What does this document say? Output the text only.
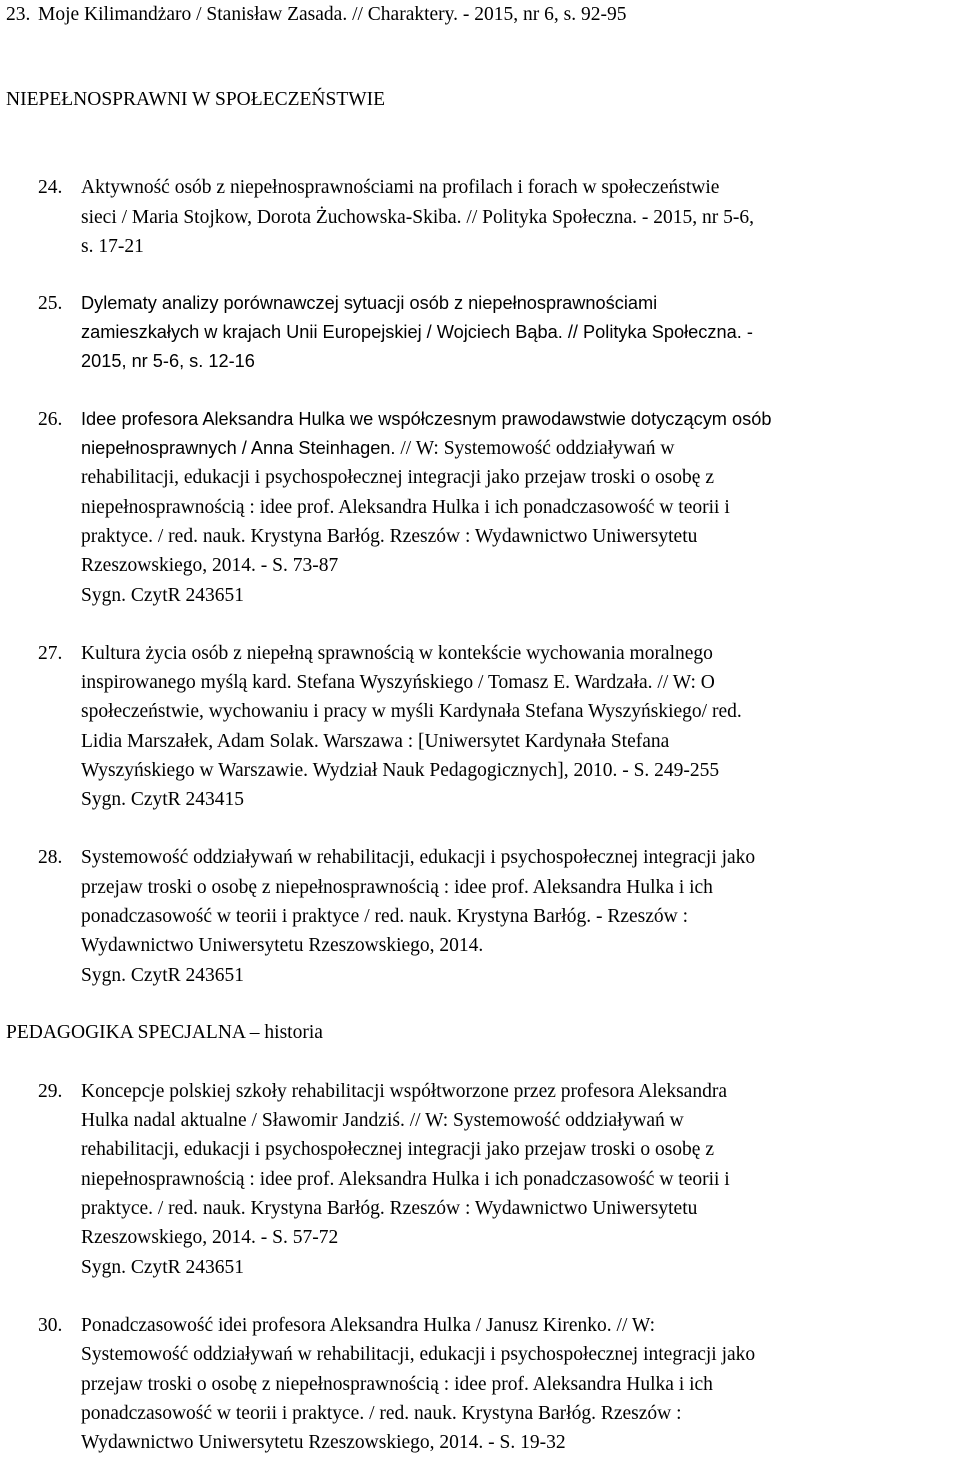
23. Moje Kilimandżaro / Stanisław Zasada. // Charaktery. - 2015, nr 6, s. 92-95
NIEPEŁNOSPRAWNI W SPOŁECZEŃSTWIE
24. Aktywność osób z niepełnosprawnościami na profilach i forach w społeczeństwie
sieci / Maria Stojkow, Dorota Żuchowska-Skiba. // Polityka Społeczna. - 2015, nr 5-6,
s. 17-21
25. Dylematy analizy porównawczej sytuacji osób z niepełnosprawnościami
zamieszkałych w krajach Unii Europejskiej / Wojciech Bąba. // Polityka Społeczna. -
2015, nr 5-6, s. 12-16
26. Idee profesora Aleksandra Hulka we współczesnym prawodawstwie dotyczącym osób
niepełnosprawnych / Anna Steinhagen. // W: Systemowość oddziaływań w
rehabilitacji, edukacji i psychospołecznej integracji jako przejaw troski o osobę z
niepełnosprawnością : idee prof. Aleksandra Hulka i ich ponadczasowość w teorii i
praktyce. / red. nauk. Krystyna Barłóg. Rzeszów : Wydawnictwo Uniwersytetu
Rzeszowskiego, 2014. - S. 73-87
Sygn. CzytR 243651
27. Kultura życia osób z niepełną sprawnością w kontekście wychowania moralnego
inspirowanego myślą kard. Stefana Wyszyńskiego / Tomasz E. Wardzała. // W: O
społeczeństwie, wychowaniu i pracy w myśli Kardynała Stefana Wyszyńskiego/ red.
Lidia Marszałek, Adam Solak. Warszawa : [Uniwersytet Kardynała Stefana
Wyszyńskiego w Warszawie. Wydział Nauk Pedagogicznych], 2010. - S. 249-255
Sygn. CzytR 243415
28. Systemowość oddziaływań w rehabilitacji, edukacji i psychospołecznej integracji jako
przejaw troski o osobę z niepełnosprawnością : idee prof. Aleksandra Hulka i ich
ponadczasowość w teorii i praktyce / red. nauk. Krystyna Barłóg. - Rzeszów :
Wydawnictwo Uniwersytetu Rzeszowskiego, 2014.
Sygn. CzytR 243651
PEDAGOGIKA SPECJALNA – historia
29. Koncepcje polskiej szkoły rehabilitacji współtworzone przez profesora Aleksandra
Hulka nadal aktualne / Sławomir Jandziś. // W: Systemowość oddziaływań w
rehabilitacji, edukacji i psychospołecznej integracji jako przejaw troski o osobę z
niepełnosprawnością : idee prof. Aleksandra Hulka i ich ponadczasowość w teorii i
praktyce. / red. nauk. Krystyna Barłóg. Rzeszów : Wydawnictwo Uniwersytetu
Rzeszowskiego, 2014. - S. 57-72
Sygn. CzytR 243651
30. Ponadczasowość idei profesora Aleksandra Hulka / Janusz Kirenko. // W:
Systemowość oddziaływań w rehabilitacji, edukacji i psychospołecznej integracji jako
przejaw troski o osobę z niepełnosprawnością : idee prof. Aleksandra Hulka i ich
ponadczasowość w teorii i praktyce. / red. nauk. Krystyna Barłóg. Rzeszów :
Wydawnictwo Uniwersytetu Rzeszowskiego, 2014. - S. 19-32
